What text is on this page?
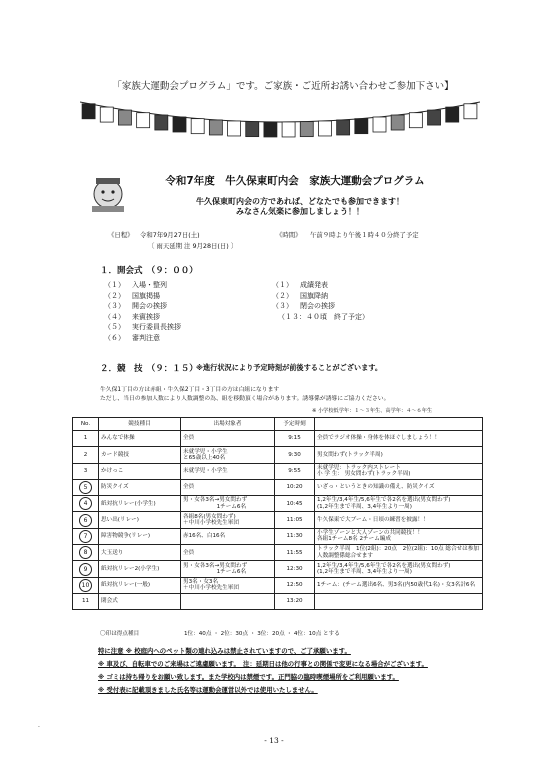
「家族大運動会プログラム」です。ご家族・ご近所お誘い合わせご参加下さい】
令和7年度　牛久保東町内会　家族大運動会プログラム
牛久保東町内会の方であれば、どなたでも参加できます！
みなさん気楽に参加しましょう！！
《日程》 令和7年9月27日(土)
〔 雨天延期 注 9月28日(日) 〕
《時間》 午前９時より午後１時４０分終了予定
１．開会式　（９：００）
（１） 入場・整列
（２） 国旗掲揚
（３） 開会の挨拶
（４） 来賓挨拶
（５） 実行委員長挨拶
（６） 審判注意
（１） 成績発表
（２） 国旗降納
（３） 閉会の挨拶
（１３：４０頃　終了予定）
２．競　技　（９：１５）
※進行状況により予定時刻が前後することがございます。
牛久保1丁目の方は赤組・牛久保2丁目・3丁目の方は白組になります
ただし、当日の参加人数により人数調整の為、組を移動頂く場合があります。誘導係が誘導にご協力ください。
※ 小学校低学年：１～３年生、高学年：４～６年生
No.	競技種目	出場対象者	予定時刻	
1	みんなで体操	全員	9:15	全員でラジオ体操・身体を体ほぐしましょう！！
2	カード競技	未就学児・小学生
と65歳以上40名	9:30	男女問わず(トラック半周)
3	かけっこ	未就学児・小学生	9:55	未就学児：トラック内ストレート
小 学 生： 男女問わず(トラック半周)
5	防災クイズ	全員	10:20	いざっ・というときの知識の備え、防災クイズ
4	紙対抗リレー(小学生)	男・女各3名→男女問わず
　　　　　　1チーム6名	10:45	1,2年生/3,4年生/5,6年生で各2名を選出(男女問わず)
(1,2年生まで半周、3,4年生より一周)
6	思い出(リレー)	各組8名(男女問わず)
＋中川小学校先生軍団	11:05	牛久保東で大ブーム・日頃の練習を披露！！
7	障害物競争(リレー)	赤16名、白16名	11:30	小学生ゾーンと大人ゾーンの共同競技！！
各組1チーム8名 2チーム編成
8	大玉送り	全員	11:55	トラック半周　1位(2組)：20点　2位(2組)：10点 総合せは参加
人数調整係総合せます
9	紙対抗リレー2(小学生)	男・女各3名→男女問わず
　　　　　　1チーム6名	12:30	1,2年生/3,4年生/5,6年生で各2名を選出(男女問わず)
(1,2年生まで半周、3,4年生より一周)
10	紙対抗リレー(一般)	男3名・女3名
＋中川小学校先生軍団	12:50	1チーム：(チーム選出6名、男3名(内50歳代1名)・女3名計6名
11	閉会式		13:20	
〇印は得点種目	1位：40点 ・ 2位：30点 ・ 3位：20点 ・ 4位：10点 とする
特に注意 ※ 校庭内へのペット類の連れ込みは禁止されていますので、ご了承願います。
※ 車及び、自転車でのご来場はご遠慮願います。　注：延期日は他の行事との関係で変更になる場合がございます。
※ ゴミは持ち帰りをお願い致します。また学校内は禁煙です。正門脇の臨時喫煙場所をご利用願います。
※ 受付表に記載頂きました氏名等は運動会運営以外では使用いたしません。
.
- 13 -
